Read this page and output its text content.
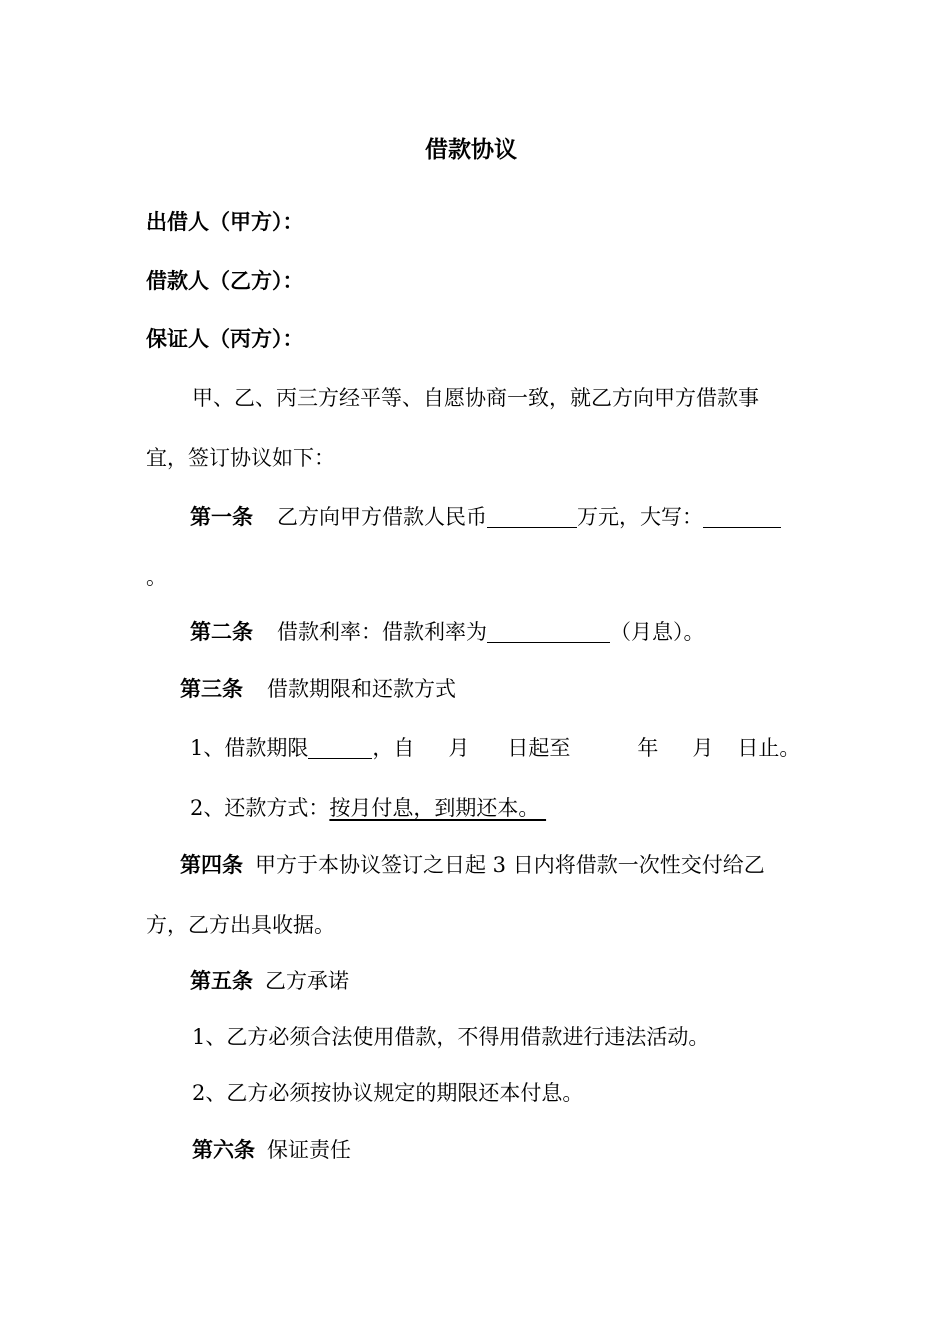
借款协议
出借人（甲方）：
借款人（乙方）：
保证人（丙方）：
甲、乙、丙三方经平等、自愿协商一致，就乙方向甲方借款事
宜，签订协议如下：
第一条 乙方向甲方借款人民币	万元，大写：
。
第二条 借款利率：借款利率为	（月息）。
第三条 借款期限和还款方式
1、借款期限	，自 月 日起至	年 月 日止。
2、还款方式：按月付息，到期还本。
第四条 甲方于本协议签订之日起 3 日内将借款一次性交付给乙
方，乙方出具收据。
第五条 乙方承诺
1、乙方必须合法使用借款，不得用借款进行违法活动。
2、乙方必须按协议规定的期限还本付息。
第六条 保证责任
